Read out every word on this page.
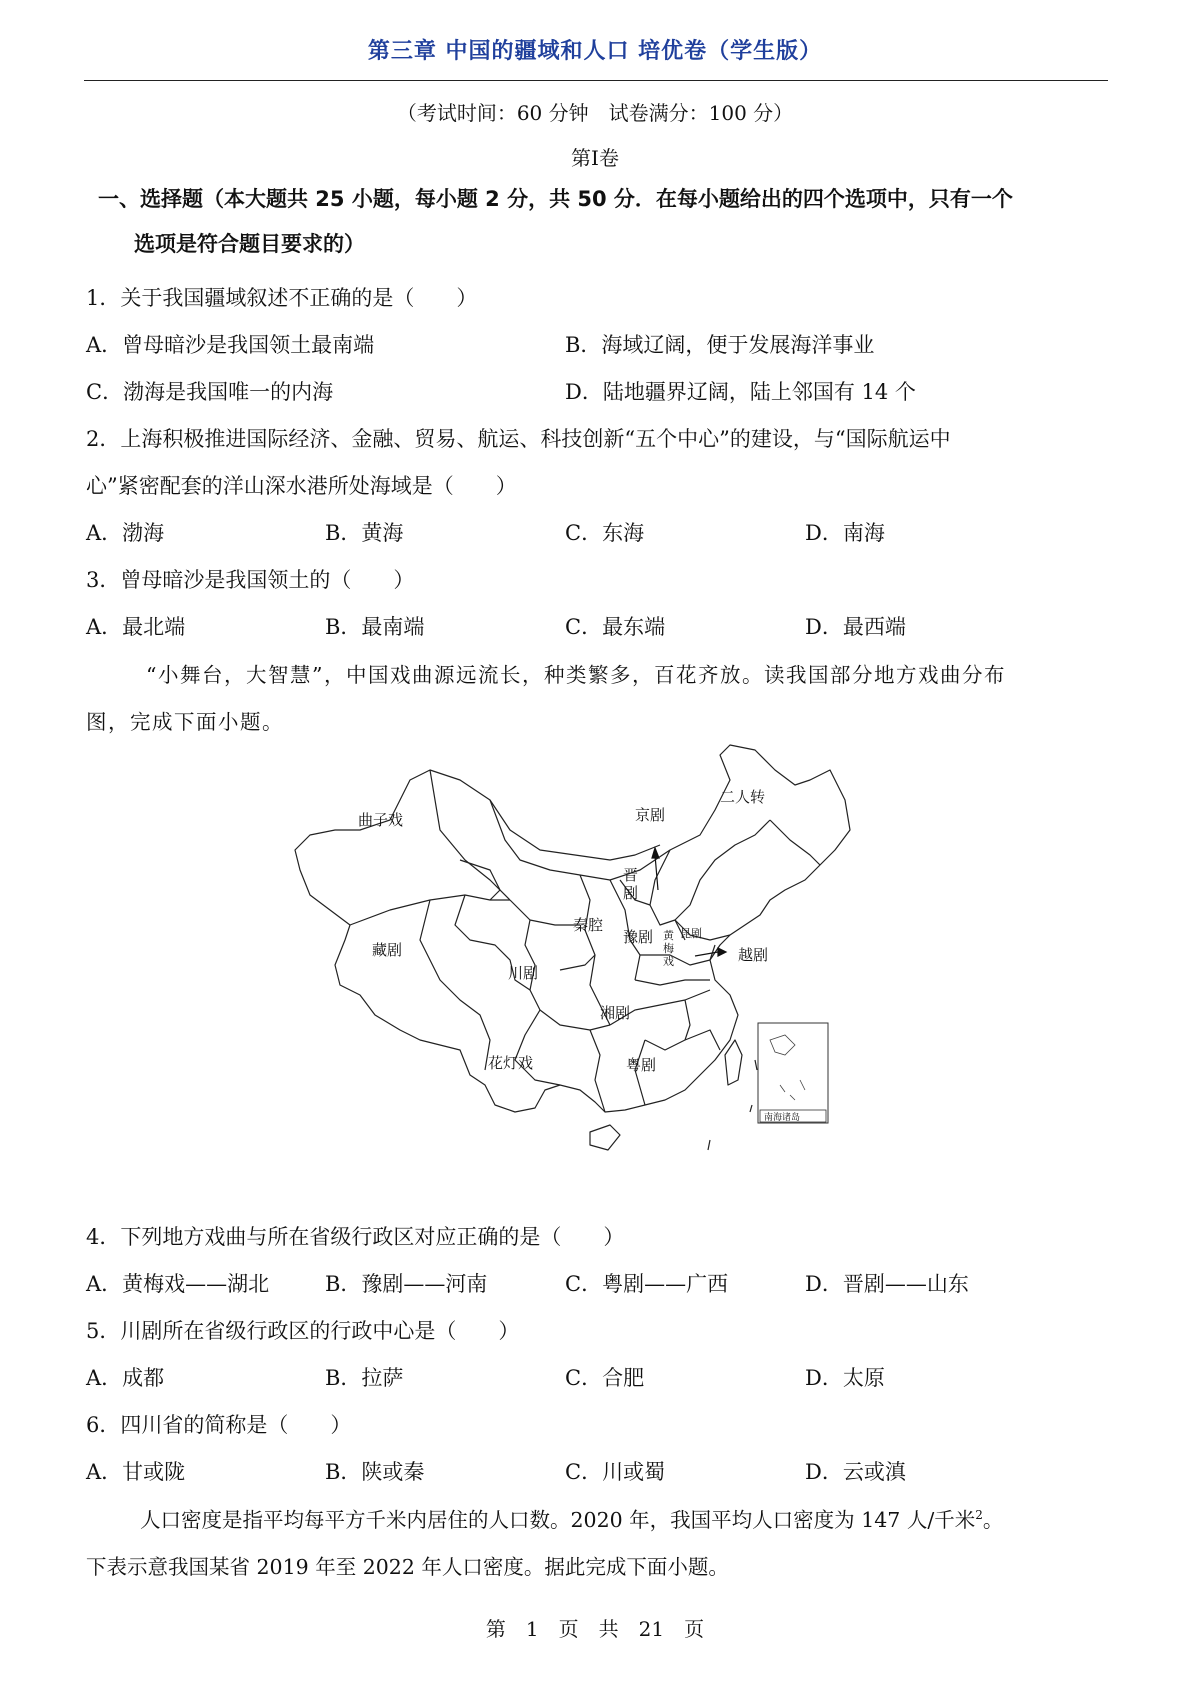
第三章 中国的疆域和人口 培优卷（学生版）
（考试时间：60 分钟　试卷满分：100 分）
第I卷
一、选择题（本大题共 25 小题，每小题 2 分，共 50 分．在每小题给出的四个选项中，只有一个
选项是符合题目要求的）
1．关于我国疆域叙述不正确的是（　　）
A．曾母暗沙是我国领土最南端	B．海域辽阔，便于发展海洋事业
C．渤海是我国唯一的内海	D．陆地疆界辽阔，陆上邻国有 14 个
2．上海积极推进国际经济、金融、贸易、航运、科技创新“五个中心”的建设，与“国际航运中
心”紧密配套的洋山深水港所处海域是（　　）
A．渤海	B．黄海	C．东海	D．南海
3．曾母暗沙是我国领土的（　　）
A．最北端	B．最南端	C．最东端	D．最西端
“小舞台，大智慧”，中国戏曲源远流长，种类繁多，百花齐放。读我国部分地方戏曲分布
图，完成下面小题。
曲子戏	京剧
二人转
晋
剧
秦腔
豫剧 黄
梅
戏
昆剧
越剧
藏剧
川剧
湘剧
花灯戏	粤剧
南海诸岛
4．下列地方戏曲与所在省级行政区对应正确的是（　　）
A．黄梅戏——湖北	B．豫剧——河南	C．粤剧——广西	D．晋剧——山东
5．川剧所在省级行政区的行政中心是（　　）
A．成都	B．拉萨	C．合肥	D．太原
6．四川省的简称是（　　）
A．甘或陇	B．陕或秦	C．川或蜀	D．云或滇
人口密度是指平均每平方千米内居住的人口数。2020 年，我国平均人口密度为 147 人/千米$^2$。
下表示意我国某省 2019 年至 2022 年人口密度。据此完成下面小题。
第　1　页　共　21　页
